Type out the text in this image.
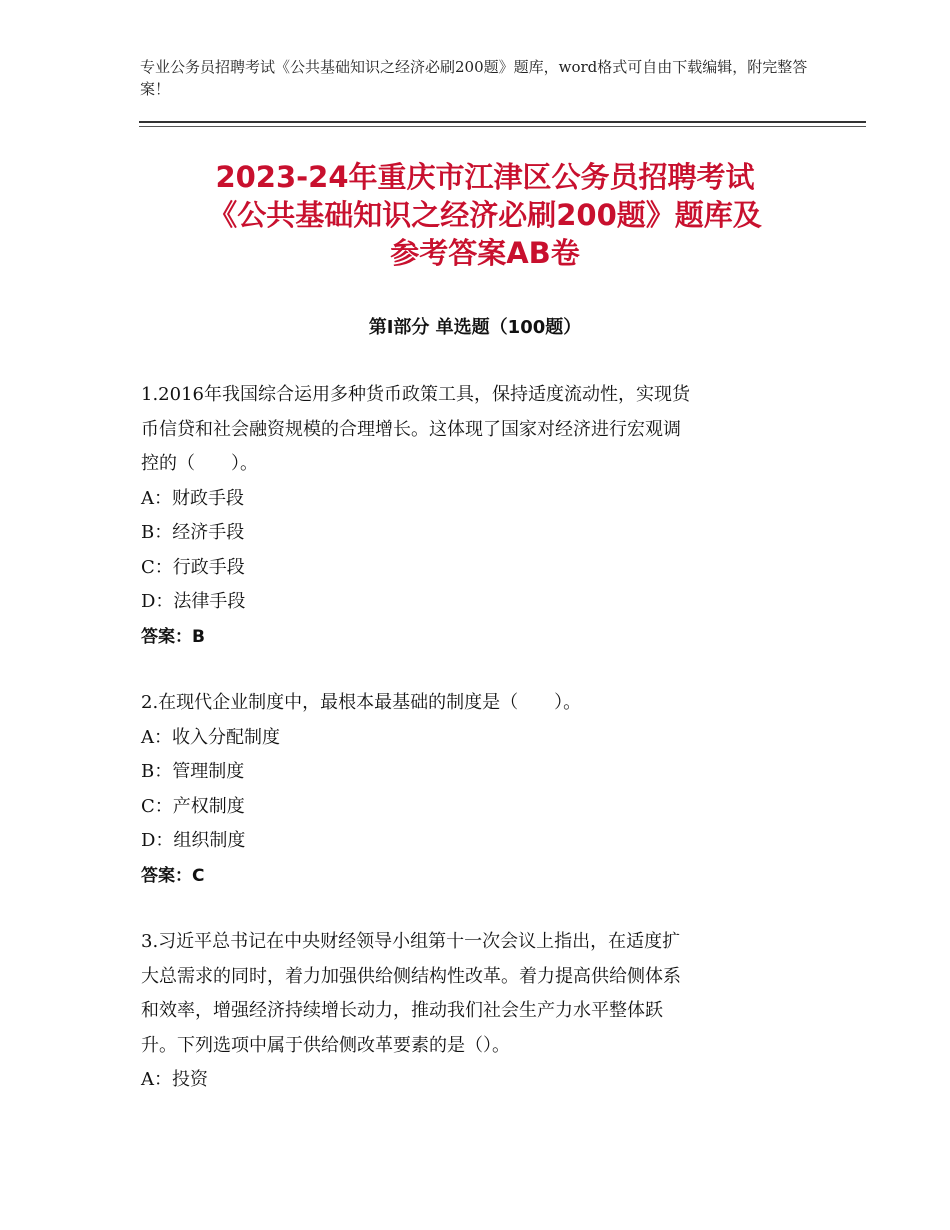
专业公务员招聘考试《公共基础知识之经济必刷200题》题库，word格式可自由下载编辑，附完整答案！
2023-24年重庆市江津区公务员招聘考试
《公共基础知识之经济必刷200题》题库及
参考答案AB卷
第Ⅰ部分 单选题（100题）

1.2016年我国综合运用多种货币政策工具，保持适度流动性，实现货

币信贷和社会融资规模的合理增长。这体现了国家对经济进行宏观调

控的（　　）。

A：财政手段

B：经济手段

C：行政手段

D：法律手段

答案：B

2.在现代企业制度中，最根本最基础的制度是（　　）。

A：收入分配制度

B：管理制度

C：产权制度

D：组织制度

答案：C

3.习近平总书记在中央财经领导小组第十一次会议上指出，在适度扩

大总需求的同时，着力加强供给侧结构性改革。着力提高供给侧体系

和效率，增强经济持续增长动力，推动我们社会生产力水平整体跃

升。下列选项中属于供给侧改革要素的是（）。

A：投资
